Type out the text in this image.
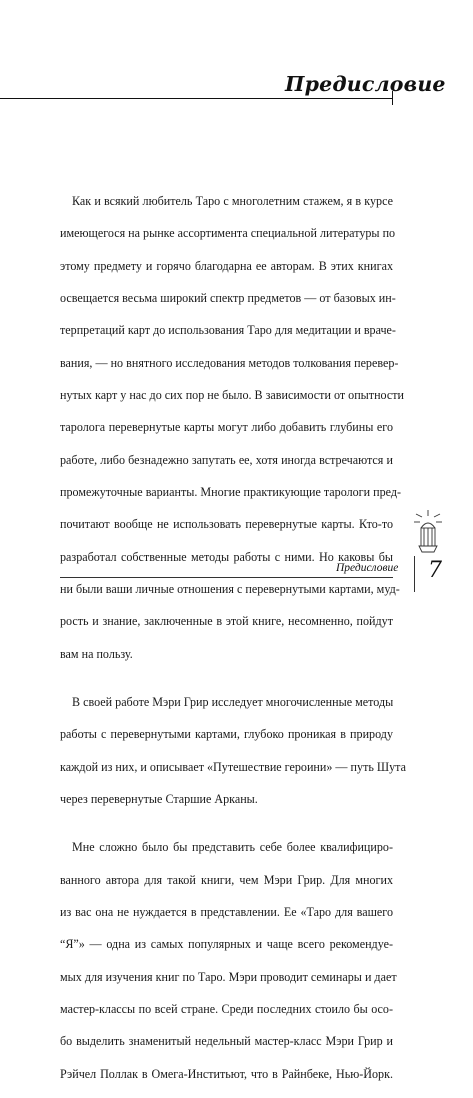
Предисловие

Как и всякий любитель Таро с многолетним стажем, я в курсе

имеющегося на рынке ассортимента специальной литературы по

этому предмету и горячо благодарна ее авторам. В этих книгах

освещается весьма широкий спектр предметов — от базовых ин-

терпретаций карт до использования Таро для медитации и враче-

вания, — но внятного исследования методов толкования перевер-

нутых карт у нас до сих пор не было. В зависимости от опытности

таролога перевернутые карты могут либо добавить глубины его

работе, либо безнадежно запутать ее, хотя иногда встречаются и

промежуточные варианты. Многие практикующие тарологи пред-

почитают вообще не использовать перевернутые карты. Кто-то

разработал собственные методы работы с ними. Но каковы бы

ни были ваши личные отношения с перевернутыми картами, муд-

рость и знание, заключенные в этой книге, несомненно, пойдут

вам на пользу.

В своей работе Мэри Грир исследует многочисленные методы

работы с перевернутыми картами, глубоко проникая в природу

каждой из них, и описывает «Путешествие героини» — путь Шута

через перевернутые Старшие Арканы.

Мне сложно было бы представить себе более квалифициро-

ванного автора для такой книги, чем Мэри Грир. Для многих

из вас она не нуждается в представлении. Ее «Таро для вашего

“Я”» — одна из самых популярных и чаще всего рекомендуе-

мых для изучения книг по Таро. Мэри проводит семинары и дает

мастер-классы по всей стране. Среди последних стоило бы осо-

бо выделить знаменитый недельный мастер-класс Мэри Грир и

Рэйчел Поллак в Омега-Инститьют, что в Райнбеке, Нью-Йорк.

Предисловие 7
